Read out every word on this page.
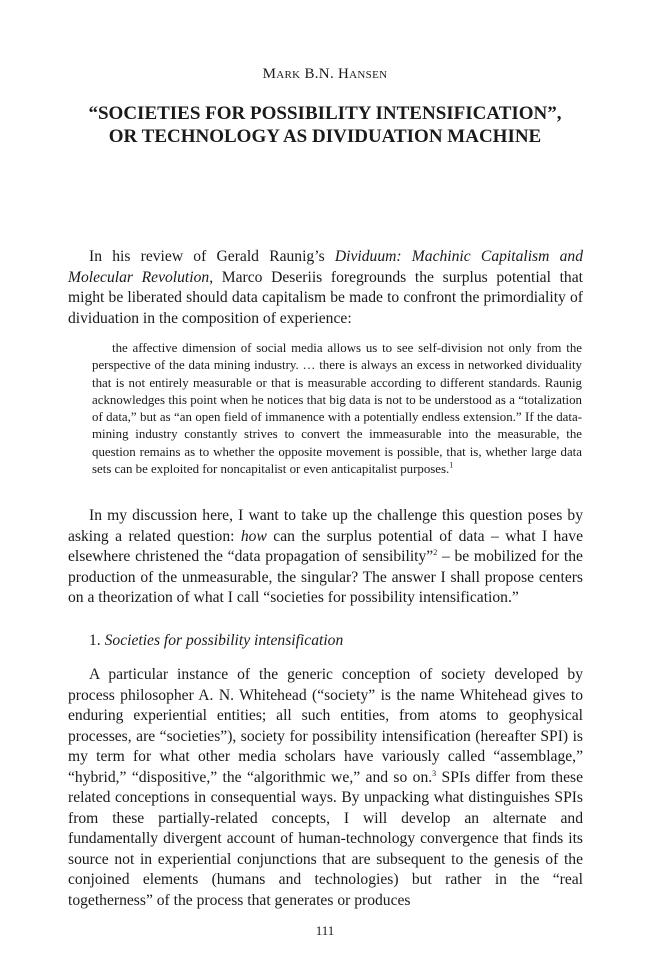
Mark B.N. Hansen
“SOCIETIES FOR POSSIBILITY INTENSIFICATION”,
OR TECHNOLOGY AS DIVIDUATION MACHINE

In his review of Gerald Raunig’s Dividuum: Machinic Capitalism and Molecular Revolution, Marco Deseriis foregrounds the surplus potential that might be liberated should data capitalism be made to confront the primordiality of dividuation in the composition of experience:

the affective dimension of social media allows us to see self-division not only from the perspective of the data mining industry. … there is always an excess in networked dividuality that is not entirely measurable or that is measurable according to different standards. Raunig acknowledges this point when he notices that big data is not to be understood as a “totalization of data,” but as “an open field of immanence with a potentially endless extension.” If the data-mining industry constantly strives to convert the immeasurable into the measurable, the question remains as to whether the opposite movement is possible, that is, whether large data sets can be exploited for noncapitalist or even anticapitalist purposes.$^1$

In my discussion here, I want to take up the challenge this question poses by asking a related question: how can the surplus potential of data – what I have elsewhere christened the “data propagation of sensibility”$^2$ – be mobilized for the production of the unmeasurable, the singular? The answer I shall propose centers on a theorization of what I call “societies for possibility intensification.”

1. Societies for possibility intensification

A particular instance of the generic conception of society developed by process philosopher A. N. Whitehead (“society” is the name Whitehead gives to enduring experiential entities; all such entities, from atoms to geophysical processes, are “societies”), society for possibility intensification (hereafter SPI) is my term for what other media scholars have variously called “assemblage,” “hybrid,” “dispositive,” the “algorithmic we,” and so on.$^3$ SPIs differ from these related conceptions in consequential ways. By unpacking what distinguishes SPIs from these partially-related concepts, I will develop an alternate and fundamentally divergent account of human-technology convergence that finds its source not in experiential conjunctions that are subsequent to the genesis of the conjoined elements (humans and technologies) but rather in the “real togetherness” of the process that generates or produces

111
